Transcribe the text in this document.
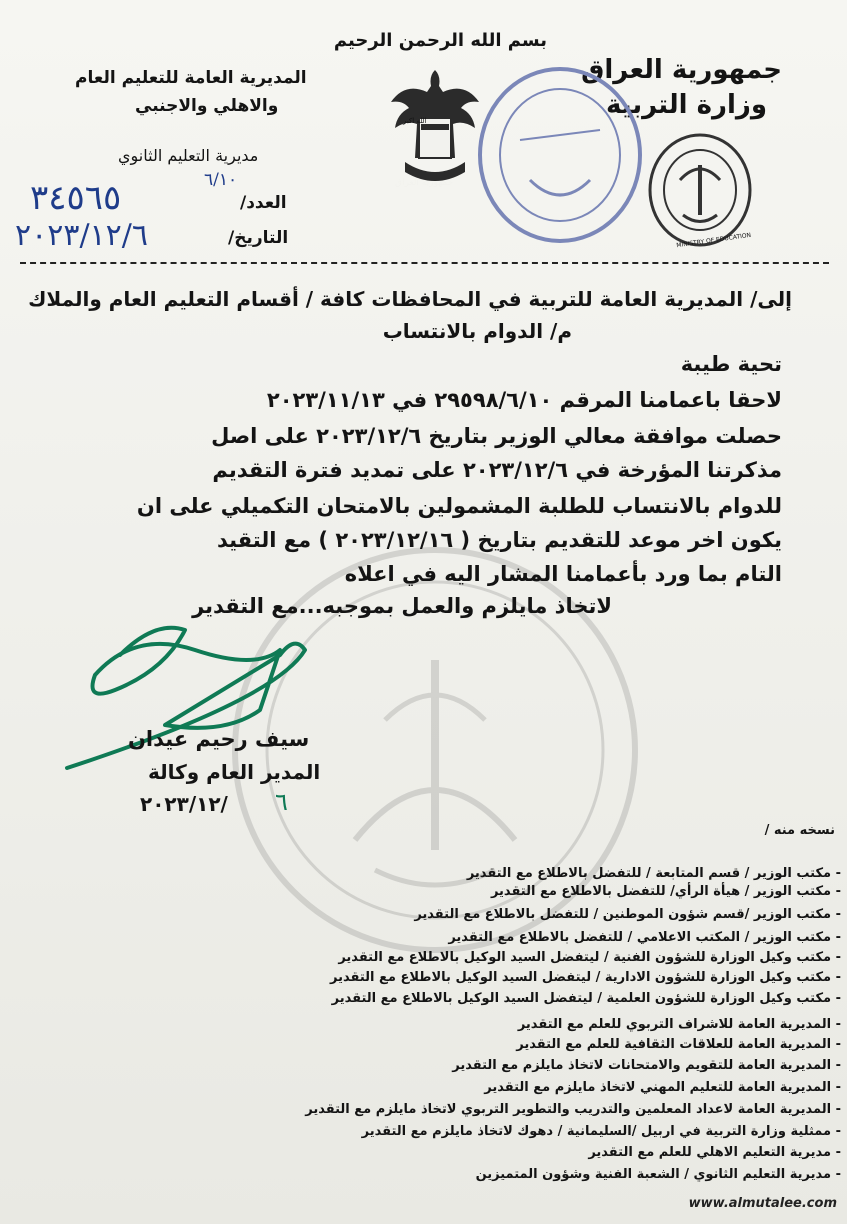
بسم الله الرحمن الرحيم
جمهورية العراق
وزارة التربية
المديرية العامة للتعليم العام
والاهلي والاجنبي
مديرية التعليم الثانوي
٦/١٠
العدد/
٣٤٥٦٥
التاريخ/
٢٠٢٣/١٢/٦
الله اكبر
جمهورية العراق
MINISTRY OF EDUCATION
إلى/ المديرية العامة للتربية في المحافظات كافة / أقسام التعليم العام والملاك
م/ الدوام بالانتساب
تحية طيبة
لاحقا باعمامنا المرقم ٢٩٥٩٨/٦/١٠ في ٢٠٢٣/١١/١٣
حصلت موافقة معالي الوزير بتاريخ ٢٠٢٣/١٢/٦ على اصل
مذكرتنا المؤرخة في ٢٠٢٣/١٢/٦ على تمديد فترة التقديم
للدوام بالانتساب للطلبة المشمولين بالامتحان التكميلي على ان
يكون اخر موعد للتقديم بتاريخ ( ٢٠٢٣/١٢/١٦ ) مع التقيد
التام بما ورد بأعمامنا المشار اليه في اعلاه
لاتخاذ مايلزم والعمل بموجبه...مع التقدير
سيف رحيم عيدان
المدير العام وكالة
٢٠٢٣/١٢/ ٦
نسخه منه /
- مكتب الوزير / قسم المتابعة / للتفضل بالاطلاع مع التقدير
- مكتب الوزير / هيأة الرأي/ للتفضل بالاطلاع مع التقدير
- مكتب الوزير /قسم شؤون الموطنين / للتفضل بالاطلاع مع التقدير
- مكتب الوزير / المكتب الاعلامي / للتفضل بالاطلاع مع التقدير
- مكتب وكيل الوزارة للشؤون الفنية / ليتفضل السيد الوكيل بالاطلاع مع التقدير
- مكتب وكيل الوزارة للشؤون الادارية / ليتفضل السيد الوكيل بالاطلاع مع التقدير
- مكتب وكيل الوزارة للشؤون العلمية / ليتفضل السيد الوكيل بالاطلاع مع التقدير
- المديرية العامة للاشراف التربوي للعلم مع التقدير
- المديرية العامة للعلاقات الثقافية للعلم مع التقدير
- المديرية العامة للتقويم والامتحانات لاتخاذ مايلزم مع التقدير
- المديرية العامة للتعليم المهني لاتخاذ مايلزم مع التقدير
- المديرية العامة لاعداد المعلمين والتدريب والتطوير التربوي لاتخاذ مايلزم مع التقدير
- ممثلية وزارة التربية في اربيل /السليمانية / دهوك لاتخاذ مايلزم مع التقدير
- مديرية التعليم الاهلي للعلم مع التقدير
- مديرية التعليم الثانوي / الشعبة الفنية وشؤون المتميزين
www.almutalee.com
